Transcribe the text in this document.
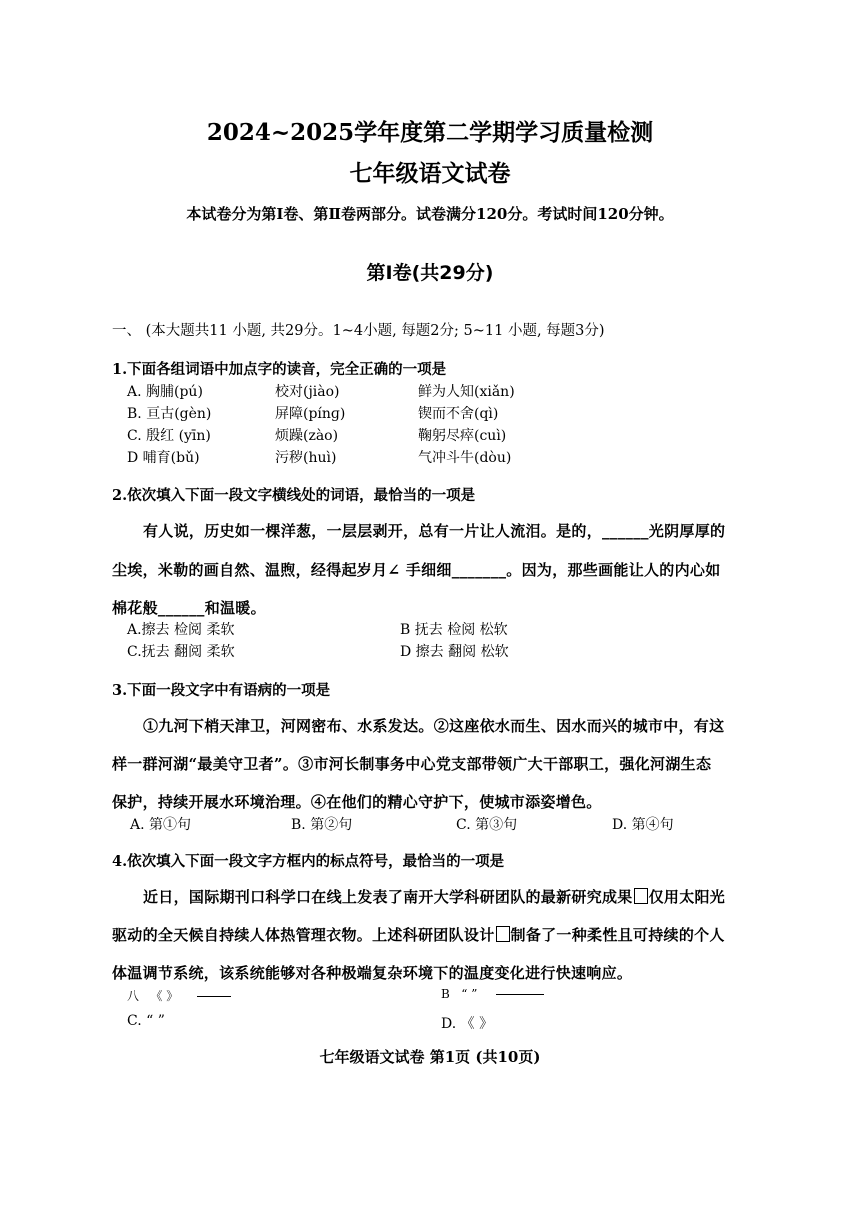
2024~2025学年度第二学期学习质量检测
七年级语文试卷
本试卷分为第Ⅰ卷、第Ⅱ卷两部分。试卷满分120分。考试时间120分钟。
第Ⅰ卷(共29分)
一、 (本大题共11 小题, 共29分。1~4小题, 每题2分; 5~11 小题, 每题3分)
1.下面各组词语中加点字的读音，完全正确的一项是
A. 胸脯(pú)	校对(jiào)	鲜为人知(xiǎn)
B. 亘古(gèn)	屏障(pínɡ)	锲而不舍(qì)
C. 殷红 (yīn)	烦躁(zào)	鞠躬尽瘁(cuì)
D 哺育(bǔ)	污秽(huì)	气冲斗牛(dòu)
2.依次填入下面一段文字横线处的词语，最恰当的一项是
有人说，历史如一棵洋葱，一层层剥开，总有一片让人流泪。是的，______光阴厚厚的
尘埃，米勒的画自然、温煦，经得起岁月∠ 手细细_______。因为，那些画能让人的内心如
棉花般______和温暖。
A.擦去 检阅 柔软	B 抚去 检阅 松软
C.抚去 翻阅 柔软	D 擦去 翻阅 松软
3.下面一段文字中有语病的一项是
①九河下梢天津卫，河网密布、水系发达。②这座依水而生、因水而兴的城市中，有这
样一群河湖“最美守卫者”。③市河长制事务中心党支部带领广大干部职工，强化河湖生态
保护，持续开展水环境治理。④在他们的精心守护下，使城市添姿增色。
A. 第①句	B. 第②句	C. 第③句	D. 第④句
4.依次填入下面一段文字方框内的标点符号，最恰当的一项是
近日，国际期刊口科学口在线上发表了南开大学科研团队的最新研究成果 仅用太阳光
驱动的全天候自持续人体热管理衣物。上述科研团队设计 制备了一种柔性且可持续的个人
体温调节系统，该系统能够对各种极端复杂环境下的温度变化进行快速响应。
八 《 》	B “ ”
C. “ ”	D. 《 》
七年级语文试卷 第1页 (共10页)
